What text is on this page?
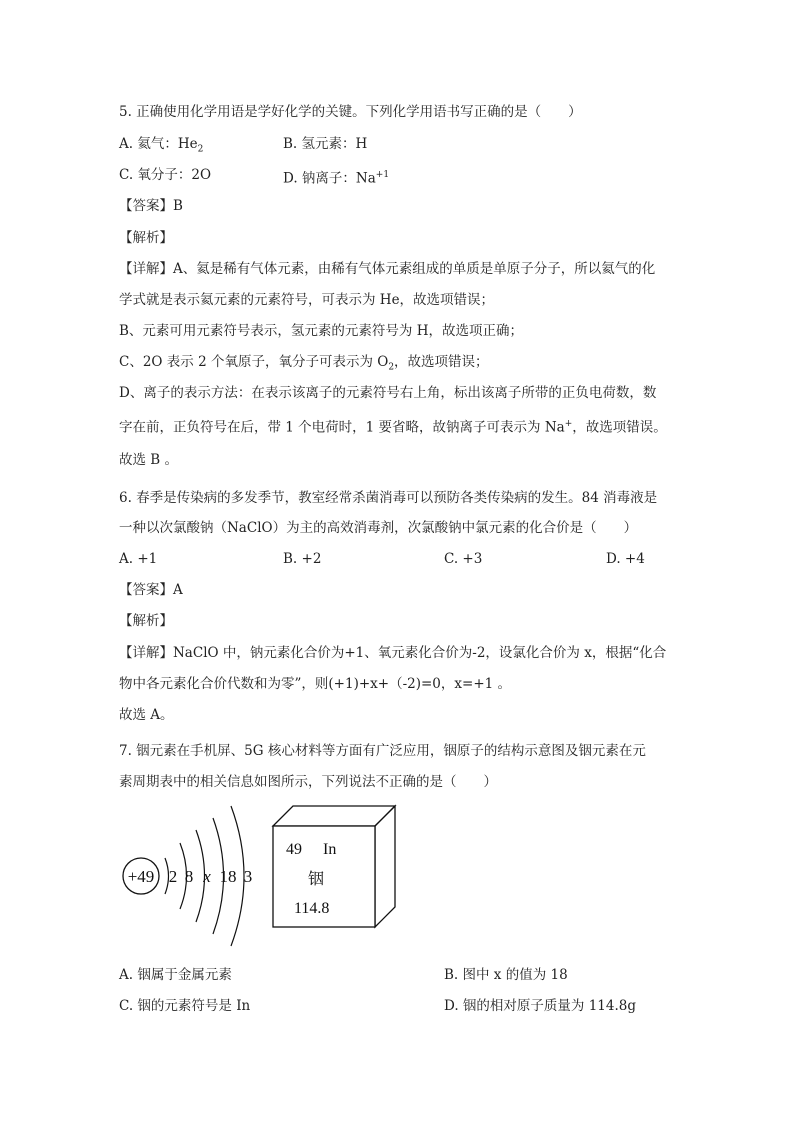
5. 正确使用化学用语是学好化学的关键。下列化学用语书写正确的是（　　）
A. 氦气：$He_2$	B. 氢元素：H
C. 氧分子：2O	D. 钠离子：$Na^{+1}$
【答案】B
【解析】
【详解】A、氦是稀有气体元素，由稀有气体元素组成的单质是单原子分子，所以氦气的化
学式就是表示氦元素的元素符号，可表示为 He，故选项错误；
B、元素可用元素符号表示，氢元素的元素符号为 H，故选项正确；
C、2O 表示 2 个氧原子，氧分子可表示为 $O_2$，故选项错误；
D、离子的表示方法：在表示该离子的元素符号右上角，标出该离子所带的正负电荷数，数
字在前，正负符号在后，带 1 个电荷时，1 要省略，故钠离子可表示为 Na+，故选项错误。
故选 B 。
6. 春季是传染病的多发季节，教室经常杀菌消毒可以预防各类传染病的发生。84 消毒液是
一种以次氯酸钠（NaClO）为主的高效消毒剂，次氯酸钠中氯元素的化合价是（　　）
A. +1	B. +2	C. +3	D. +4
【答案】A
【解析】
【详解】NaClO 中，钠元素化合价为+1、氧元素化合价为-2，设氯化合价为 x，根据“化合
物中各元素化合价代数和为零”，则(+1)+x+（-2)=0，x=+1 。
故选 A。
7. 铟元素在手机屏、5G 核心材料等方面有广泛应用，铟原子的结构示意图及铟元素在元
素周期表中的相关信息如图所示，下列说法不正确的是（　　）
+49 2 8 x 18 3
49 In
铟
114.8
A. 铟属于金属元素	B. 图中 x 的值为 18
C. 铟的元素符号是 In	D. 铟的相对原子质量为 114.8g
